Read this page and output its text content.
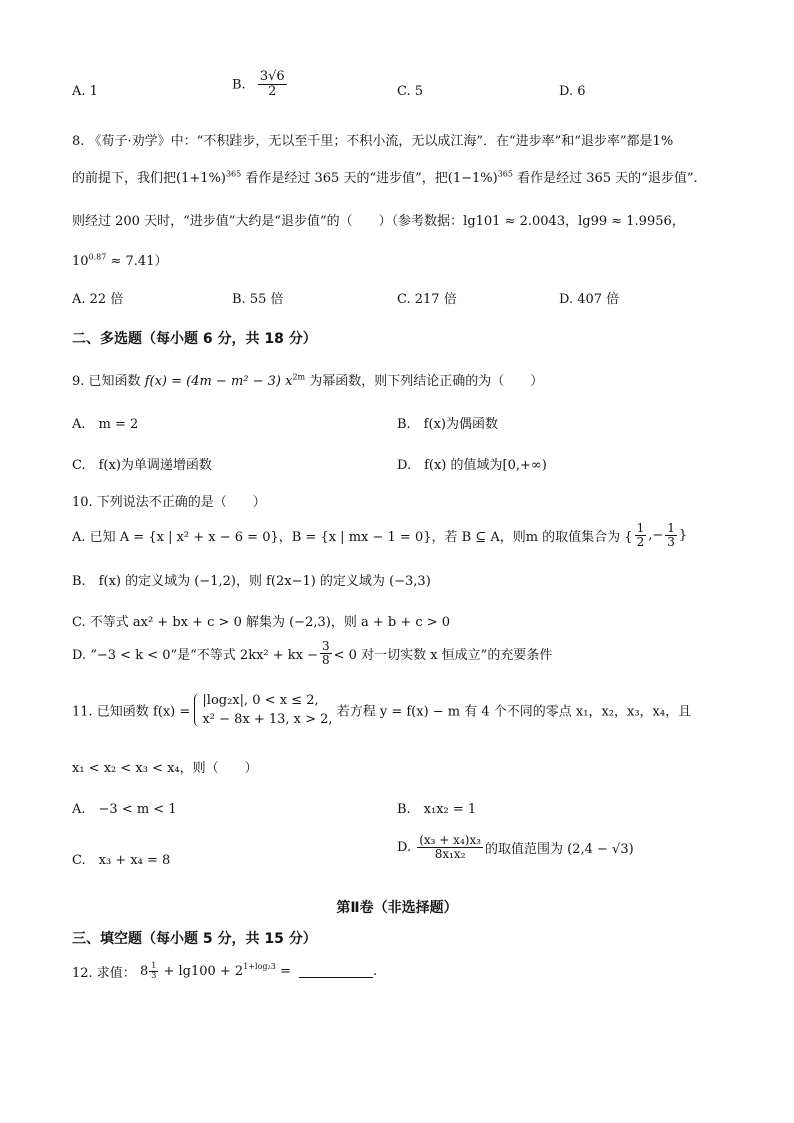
A. 1	B. $\frac{3√6}{2}$	C. 5	D. 6
8. 《荀子·劝学》中：“不积跬步，无以至千里；不积小流，无以成江海”．在“进步率”和“退步率”都是1%
的前提下，我们把$(1+1\%)^{365}$ 看作是经过 365 天的“进步值”，把$(1-1\%)^{365}$ 看作是经过 365 天的“退步值”.
则经过 200 天时，“进步值”大约是“退步值”的（　　）（参考数据：lg101 ≈ 2.0043，lg99 ≈ 1.9956，
$10^{0.87} \approx 7.41$）
A. 22 倍	B. 55 倍	C. 217 倍	D. 407 倍
二、多选题（每小题 6 分，共 18 分）
9. 已知函数 f(x) = (4m − m² − 3) $x^{2m}$ 为幂函数，则下列结论正确的为（　　）
A.　m = 2	B.　f(x)为偶函数
C.　f(x)为单调递增函数	D.　f(x) 的值域为[0,+∞)
10. 下列说法不正确的是（　　）
A. 已知 A = {x | x² + x − 6 = 0}，B = {x | mx − 1 = 0}，若 B ⊆ A，则m 的取值集合为 { $\frac{1}{2}$ ,− $\frac{1}{3}$ }
B.　f(x) 的定义域为 (−1,2)，则 f(2x−1) 的定义域为 (−3,3)
C. 不等式 ax² + bx + c > 0 解集为 (−2,3)，则 a + b + c > 0
D. “−3 < k < 0”是“不等式 2kx² + kx − $\frac{3}{8} < 0$ 对一切实数 x 恒成立”的充要条件
11. 已知函数 f(x) =
|log₂x|, 0 < x ≤ 2,
x² − 8x + 13, x > 2, 若方程 y = f(x) − m 有 4 个不同的零点 x₁，x₂，x₃，x₄，且
x₁ < x₂ < x₃ < x₄，则（　　）
A.　−3 < m < 1	B.　x₁x₂ = 1
C.　x₃ + x₄ = 8
D. $\frac{\text{(x₃ + x₄)x₃}}{\text{8x₁x₂}}$ 的取值范围为 (2,4 − √3)
第Ⅱ卷（非选择题）
三、填空题（每小题 5 分，共 15 分）
12. 求值： $8 \frac{1}{3} + \lg 100 + 2^{1+log_23}$ =	.
